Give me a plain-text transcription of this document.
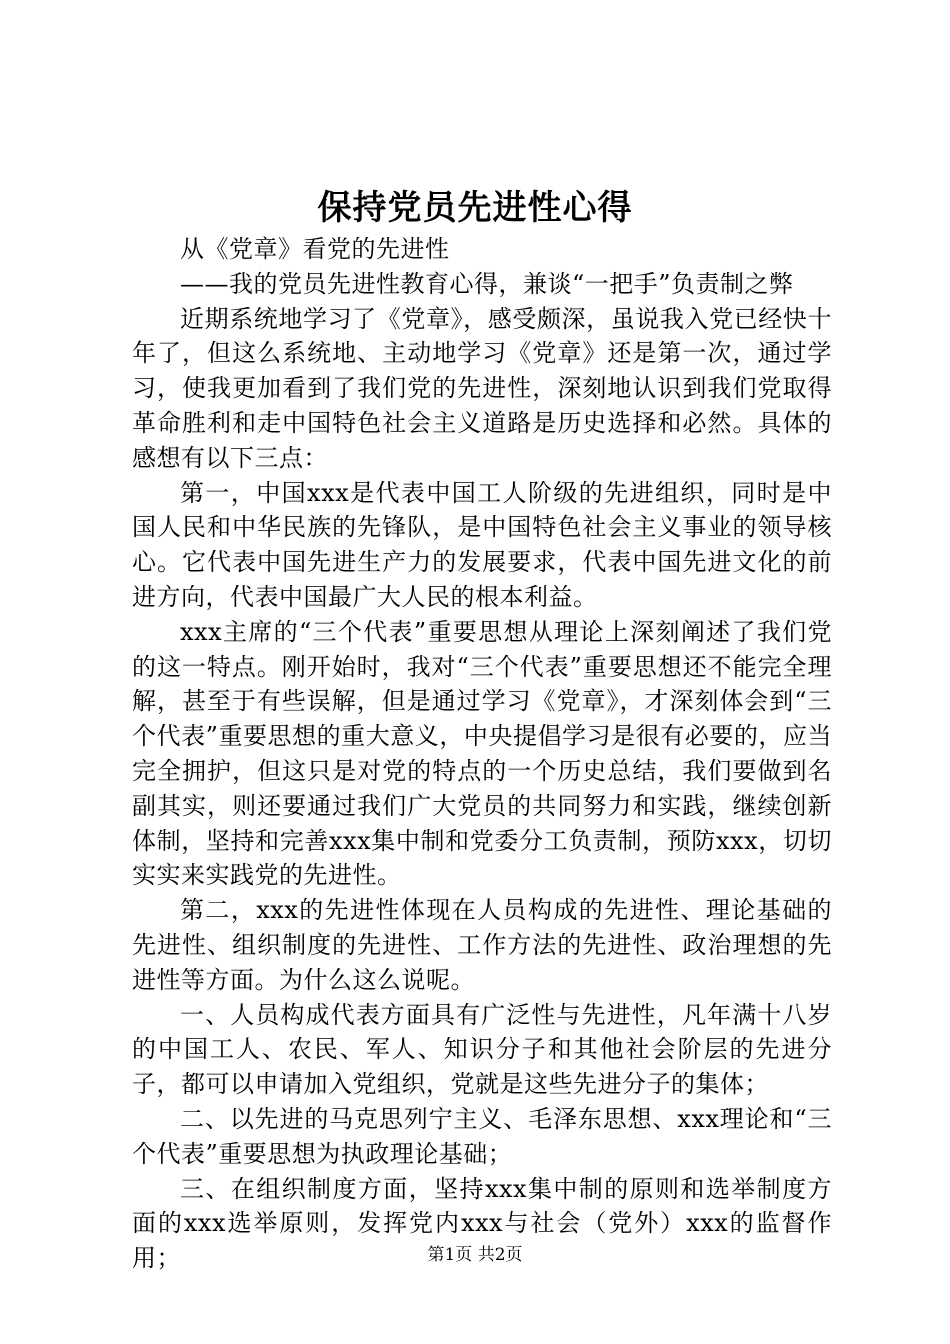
保持党员先进性心得

从《党章》看党的先进性

——我的党员先进性教育心得，兼谈“一把手”负责制之弊

近期系统地学习了《党章》，感受颇深，虽说我入党已经快十年了，但这么系统地、主动地学习《党章》还是第一次，通过学习，使我更加看到了我们党的先进性，深刻地认识到我们党取得革命胜利和走中国特色社会主义道路是历史选择和必然。具体的感想有以下三点：

第一，中国xxx是代表中国工人阶级的先进组织，同时是中国人民和中华民族的先锋队，是中国特色社会主义事业的领导核心。它代表中国先进生产力的发展要求，代表中国先进文化的前进方向，代表中国最广大人民的根本利益。

xxx主席的“三个代表”重要思想从理论上深刻阐述了我们党的这一特点。刚开始时，我对“三个代表”重要思想还不能完全理解，甚至于有些误解，但是通过学习《党章》，才深刻体会到“三个代表”重要思想的重大意义，中央提倡学习是很有必要的，应当完全拥护，但这只是对党的特点的一个历史总结，我们要做到名副其实，则还要通过我们广大党员的共同努力和实践，继续创新体制，坚持和完善xxx集中制和党委分工负责制，预防xxx，切切实实来实践党的先进性。

第二，xxx的先进性体现在人员构成的先进性、理论基础的先进性、组织制度的先进性、工作方法的先进性、政治理想的先进性等方面。为什么这么说呢。

一、人员构成代表方面具有广泛性与先进性，凡年满十八岁的中国工人、农民、军人、知识分子和其他社会阶层的先进分子，都可以申请加入党组织，党就是这些先进分子的集体；

二、以先进的马克思列宁主义、毛泽东思想、xxx理论和“三个代表”重要思想为执政理论基础；

三、在组织制度方面，坚持xxx集中制的原则和选举制度方面的xxx选举原则，发挥党内xxx与社会（党外）xxx的监督作用；	第1页 共2页
